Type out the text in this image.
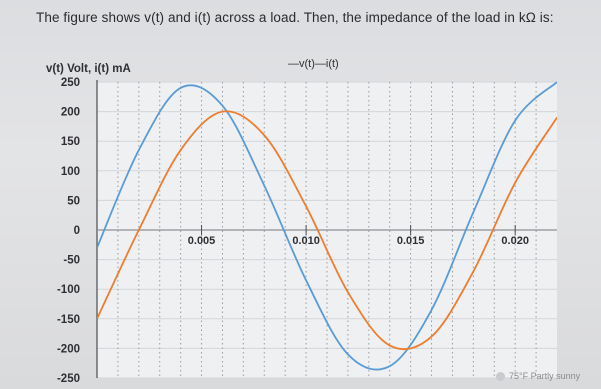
The figure shows v(t) and i(t) across a load. Then, the impedance of the load in kΩ is:
250
200
150
100
50
0
-50
-100
-150
-200
-250
0.005	0.010	0.015	0.020
v(t) Volt, i(t) mA	—v(t)—i(t)
75°F Partly sunny
